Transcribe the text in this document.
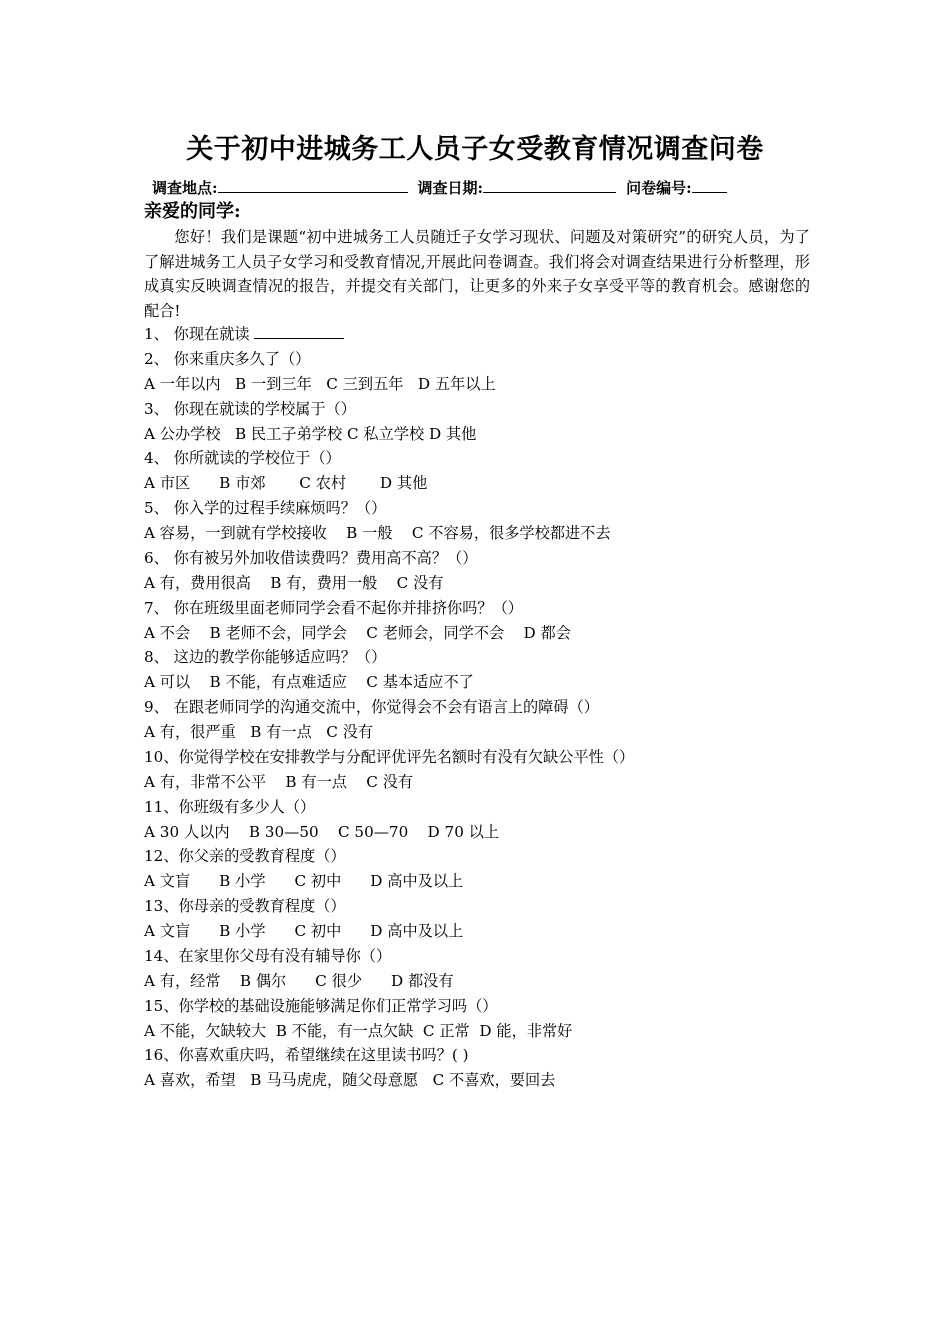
关于初中进城务工人员子女受教育情况调查问卷
调查地点:	调查日期:	问卷编号:
亲爱的同学:
您好！我们是课题“初中进城务工人员随迁子女学习现状、问题及对策研究”的研究人员，为了了解进城务工人员子女学习和受教育情况,开展此问卷调查。我们将会对调查结果进行分析整理，形成真实反映调查情况的报告，并提交有关部门，让更多的外来子女享受平等的教育机会。感谢您的配合!
1、 你现在就读
2、 你来重庆多久了（）
A 一年以内   B 一到三年   C 三到五年   D 五年以上
3、 你现在就读的学校属于（）
A 公办学校   B 民工子弟学校 C 私立学校 D 其他
4、 你所就读的学校位于（）
A 市区      B 市郊       C 农村       D 其他
5、 你入学的过程手续麻烦吗？（）
A 容易，一到就有学校接收    B 一般    C 不容易，很多学校都进不去
6、 你有被另外加收借读费吗？费用高不高？（）
A 有，费用很高    B 有，费用一般    C 没有
7、 你在班级里面老师同学会看不起你并排挤你吗？（）
A 不会    B 老师不会，同学会    C 老师会，同学不会    D 都会
8、 这边的教学你能够适应吗？（）
A 可以    B 不能，有点难适应    C 基本适应不了
9、 在跟老师同学的沟通交流中，你觉得会不会有语言上的障碍（）
A 有，很严重   B 有一点   C 没有
10、你觉得学校在安排教学与分配评优评先名额时有没有欠缺公平性（）
A 有，非常不公平    B 有一点    C 没有
11、你班级有多少人（）
A 30 人以内    B 30—50    C 50—70    D 70 以上
12、你父亲的受教育程度（）
A 文盲      B 小学      C 初中      D 高中及以上
13、你母亲的受教育程度（）
A 文盲      B 小学      C 初中      D 高中及以上
14、在家里你父母有没有辅导你（）
A 有，经常    B 偶尔      C 很少      D 都没有
15、你学校的基础设施能够满足你们正常学习吗（）
A 不能，欠缺较大  B 不能，有一点欠缺  C 正常  D 能，非常好
16、你喜欢重庆吗，希望继续在这里读书吗？( )
A 喜欢，希望   B 马马虎虎，随父母意愿   C 不喜欢，要回去
